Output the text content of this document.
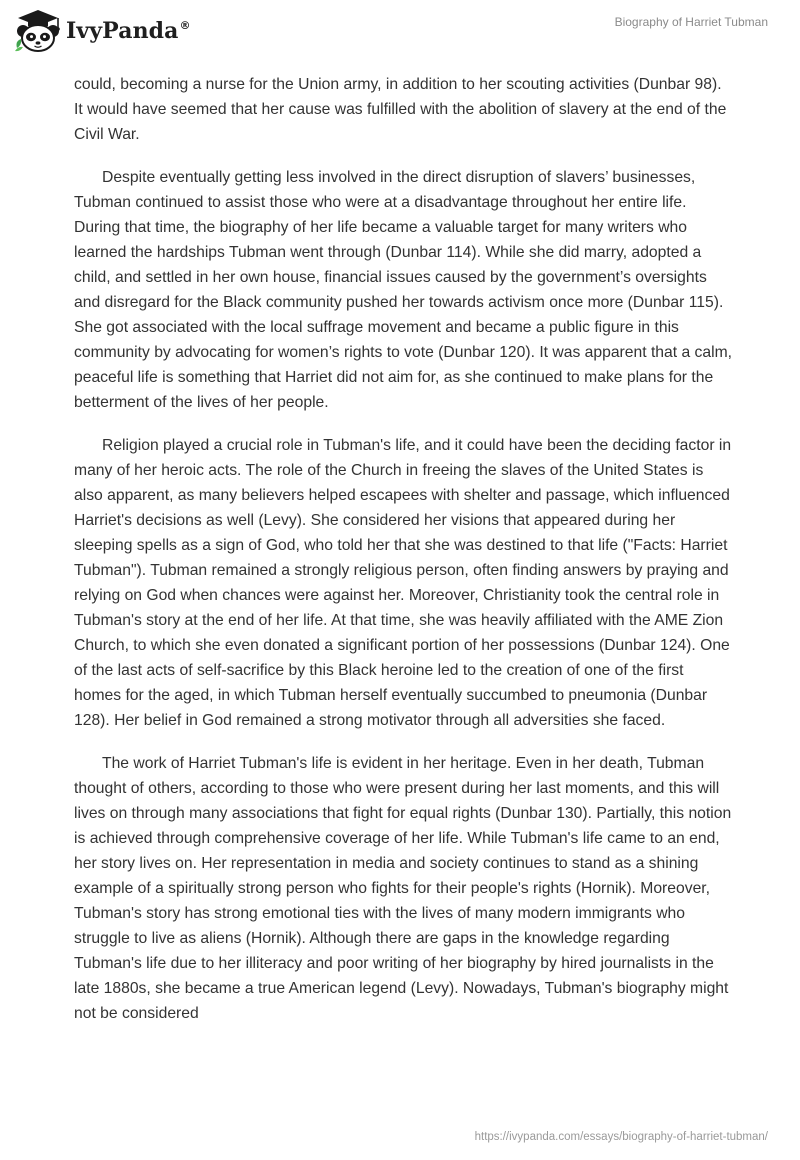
IvyPanda®	Biography of Harriet Tubman

could, becoming a nurse for the Union army, in addition to her scouting activities (Dunbar 98). It would have seemed that her cause was fulfilled with the abolition of slavery at the end of the Civil War.

Despite eventually getting less involved in the direct disruption of slavers’ businesses, Tubman continued to assist those who were at a disadvantage throughout her entire life. During that time, the biography of her life became a valuable target for many writers who learned the hardships Tubman went through (Dunbar 114). While she did marry, adopted a child, and settled in her own house, financial issues caused by the government’s oversights and disregard for the Black community pushed her towards activism once more (Dunbar 115). She got associated with the local suffrage movement and became a public figure in this community by advocating for women’s rights to vote (Dunbar 120). It was apparent that a calm, peaceful life is something that Harriet did not aim for, as she continued to make plans for the betterment of the lives of her people.

Religion played a crucial role in Tubman's life, and it could have been the deciding factor in many of her heroic acts. The role of the Church in freeing the slaves of the United States is also apparent, as many believers helped escapees with shelter and passage, which influenced Harriet's decisions as well (Levy). She considered her visions that appeared during her sleeping spells as a sign of God, who told her that she was destined to that life ("Facts: Harriet Tubman"). Tubman remained a strongly religious person, often finding answers by praying and relying on God when chances were against her. Moreover, Christianity took the central role in Tubman's story at the end of her life. At that time, she was heavily affiliated with the AME Zion Church, to which she even donated a significant portion of her possessions (Dunbar 124). One of the last acts of self-sacrifice by this Black heroine led to the creation of one of the first homes for the aged, in which Tubman herself eventually succumbed to pneumonia (Dunbar 128). Her belief in God remained a strong motivator through all adversities she faced.

The work of Harriet Tubman's life is evident in her heritage. Even in her death, Tubman thought of others, according to those who were present during her last moments, and this will lives on through many associations that fight for equal rights (Dunbar 130). Partially, this notion is achieved through comprehensive coverage of her life. While Tubman's life came to an end, her story lives on. Her representation in media and society continues to stand as a shining example of a spiritually strong person who fights for their people's rights (Hornik). Moreover, Tubman's story has strong emotional ties with the lives of many modern immigrants who struggle to live as aliens (Hornik). Although there are gaps in the knowledge regarding Tubman's life due to her illiteracy and poor writing of her biography by hired journalists in the late 1880s, she became a true American legend (Levy). Nowadays, Tubman's biography might not be considered

https://ivypanda.com/essays/biography-of-harriet-tubman/
